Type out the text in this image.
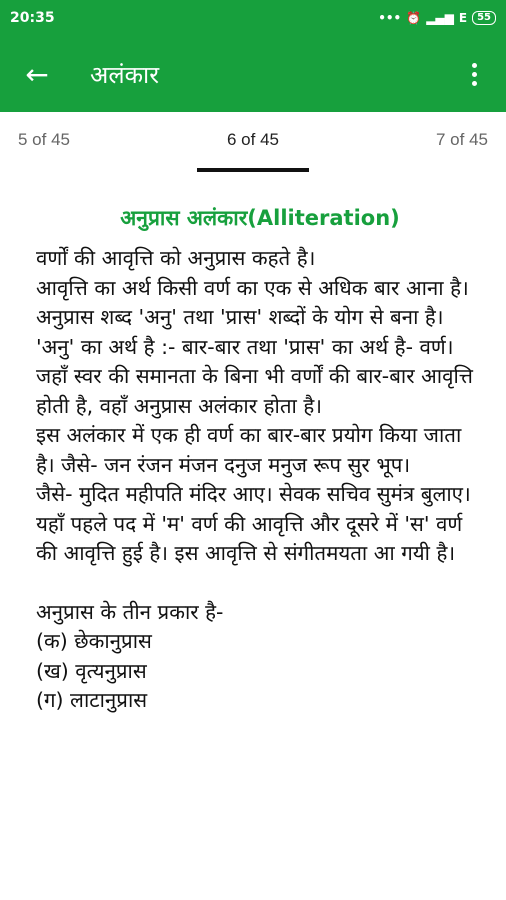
20:35	••• ⏰ ▂▄▆ E	55
← अलंकार
5 of 45	6 of 45	7 of 45
अनुप्रास अलंकार(Alliteration)

वर्णों की आवृत्ति को अनुप्रास कहते है।

आवृत्ति का अर्थ किसी वर्ण का एक से अधिक बार आना है।

अनुप्रास शब्द 'अनु' तथा 'प्रास' शब्दों के योग से बना है। 'अनु' का अर्थ है :- बार-बार तथा 'प्रास' का अर्थ है- वर्ण। जहाँ स्वर की समानता के बिना भी वर्णों की बार-बार आवृत्ति होती है, वहाँ अनुप्रास अलंकार होता है।

इस अलंकार में एक ही वर्ण का बार-बार प्रयोग किया जाता है। जैसे- जन रंजन मंजन दनुज मनुज रूप सुर भूप।

जैसे- मुदित महीपति मंदिर आए। सेवक सचिव सुमंत्र बुलाए।

यहाँ पहले पद में 'म' वर्ण की आवृत्ति और दूसरे में 'स' वर्ण की आवृत्ति हुई है। इस आवृत्ति से संगीतमयता आ गयी है।

अनुप्रास के तीन प्रकार है-

(क) छेकानुप्रास

(ख) वृत्यनुप्रास

(ग) लाटानुप्रास
